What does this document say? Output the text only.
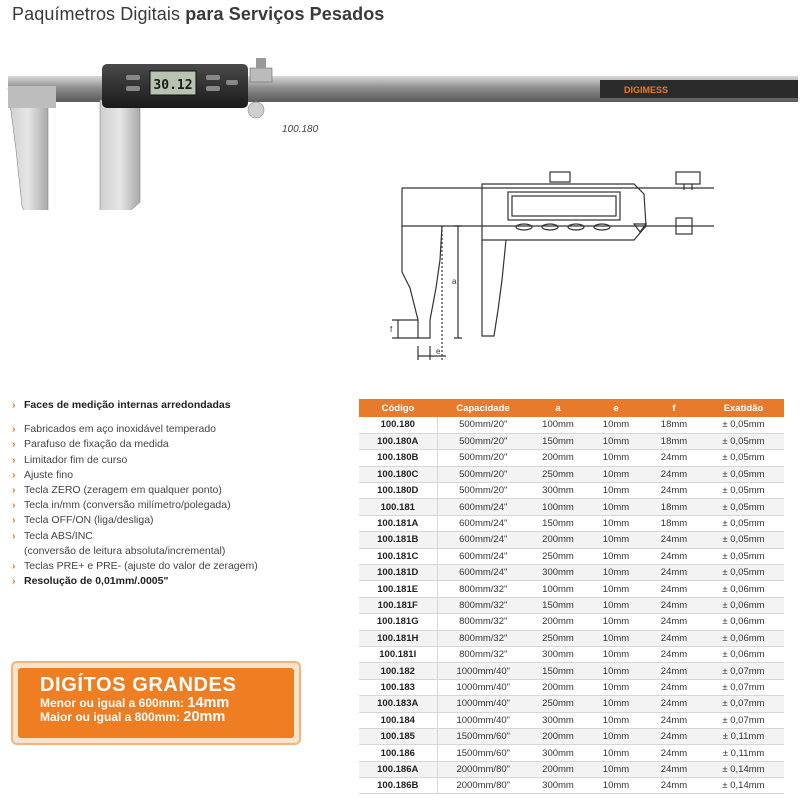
Paquímetros Digitais para Serviços Pesados
DIGIMESS
30.12
100.180
a
f
e
› Faces de medição internas arredondadas
› Fabricados em aço inoxidável temperado
› Parafuso de fixação da medida
› Limitador fim de curso
› Ajuste fino
› Tecla ZERO (zeragem em qualquer ponto)
› Tecla in/mm (conversão milímetro/polegada)
› Tecla OFF/ON (liga/desliga)
› Tecla ABS/INC
(conversão de leitura absoluta/incremental)
› Teclas PRE+ e PRE- (ajuste do valor de zeragem)
› Resolução de 0,01mm/.0005"
DIGÍTOS GRANDES
Menor ou igual a 600mm: 14mm
Maior ou igual a 800mm: 20mm
Código	Capacidade	a	e	f	Exatidão
100.180	500mm/20"	100mm	10mm	18mm	± 0,05mm
100.180A	500mm/20"	150mm	10mm	18mm	± 0,05mm
100.180B	500mm/20"	200mm	10mm	24mm	± 0,05mm
100.180C	500mm/20"	250mm	10mm	24mm	± 0,05mm
100.180D	500mm/20"	300mm	10mm	24mm	± 0,05mm
100.181	600mm/24"	100mm	10mm	18mm	± 0,05mm
100.181A	600mm/24"	150mm	10mm	18mm	± 0,05mm
100.181B	600mm/24"	200mm	10mm	24mm	± 0,05mm
100.181C	600mm/24"	250mm	10mm	24mm	± 0,05mm
100.181D	600mm/24"	300mm	10mm	24mm	± 0,05mm
100.181E	800mm/32"	100mm	10mm	24mm	± 0,06mm
100.181F	800mm/32"	150mm	10mm	24mm	± 0,06mm
100.181G	800mm/32"	200mm	10mm	24mm	± 0,06mm
100.181H	800mm/32"	250mm	10mm	24mm	± 0,06mm
100.181I	800mm/32"	300mm	10mm	24mm	± 0,06mm
100.182	1000mm/40"	150mm	10mm	24mm	± 0,07mm
100.183	1000mm/40"	200mm	10mm	24mm	± 0,07mm
100.183A	1000mm/40"	250mm	10mm	24mm	± 0,07mm
100.184	1000mm/40"	300mm	10mm	24mm	± 0,07mm
100.185	1500mm/60"	200mm	10mm	24mm	± 0,11mm
100.186	1500mm/60"	300mm	10mm	24mm	± 0,11mm
100.186A	2000mm/80"	200mm	10mm	24mm	± 0,14mm
100.186B	2000mm/80"	300mm	10mm	24mm	± 0,14mm
